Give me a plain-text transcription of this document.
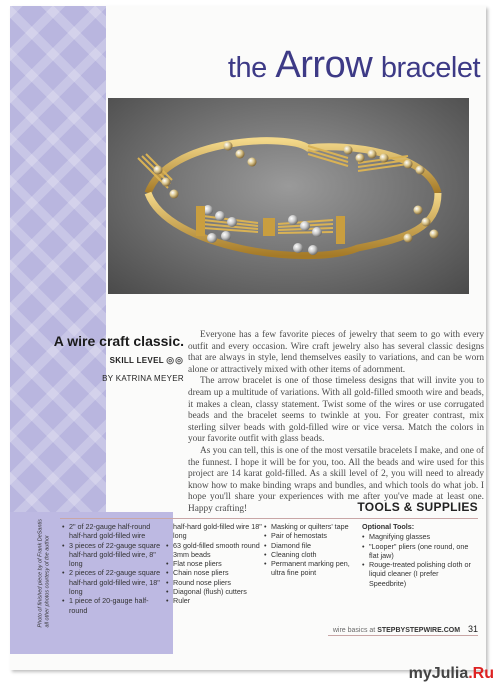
the Arrow bracelet
A wire craft classic.
SKILL LEVEL ◎◎
BY KATRINA MEYER

Everyone has a few favorite pieces of jewelry that seem to go with every outfit and every occasion. Wire craft jewelry also has several classic designs that are always in style, lend themselves easily to variations, and can be worn alone or attractively mixed with other items of adornment.

The arrow bracelet is one of those timeless designs that will invite you to dream up a multitude of variations. With all gold-filled smooth wire and beads, it makes a clean, classy statement. Twist some of the wires or use corrugated beads and the bracelet seems to twinkle at you. For greater contrast, mix sterling silver beads with gold-filled wire or vice versa. Match the colors in your favorite outfit with glass beads.

As you can tell, this is one of the most versatile bracelets I make, and one of the funnest. I hope it will be for you, too. All the beads and wire used for this project are 14 karat gold-filled. As a skill level of 2, you will need to already know how to make binding wraps and bundles, and which tools do what job. I hope you'll share your experiences with me after you've made at least one. Happy crafting!	TOOLS & SUPPLIES
Photo of finished piece by of Frank DeSantis all other photos courtesy of the author
• 2" of 22-gauge half-round half-hard gold-filled wire
• 3 pieces of 22-gauge square half-hard gold-filled wire, 8" long
• 2 pieces of 22-gauge square half-hard gold-filled wire, 18" long
• 1 piece of 20-gauge half-round
half-hard gold-filled wire 18" long
• 63 gold-filled smooth round 3mm beads
• Flat nose pliers
• Chain nose pliers
• Round nose pliers
• Diagonal (flush) cutters
• Ruler
• Masking or quilters' tape
• Pair of hemostats
• Diamond file
• Cleaning cloth
• Permanent marking pen, ultra fine point
Optional Tools:
• Magnifying glasses
• "Looper" pliers (one round, one flat jaw)
• Rouge-treated polishing cloth or liquid cleaner (I prefer Speedbrite)
wire basics at STEPBYSTEPWIRE.COM 31
myJulia.Ru
